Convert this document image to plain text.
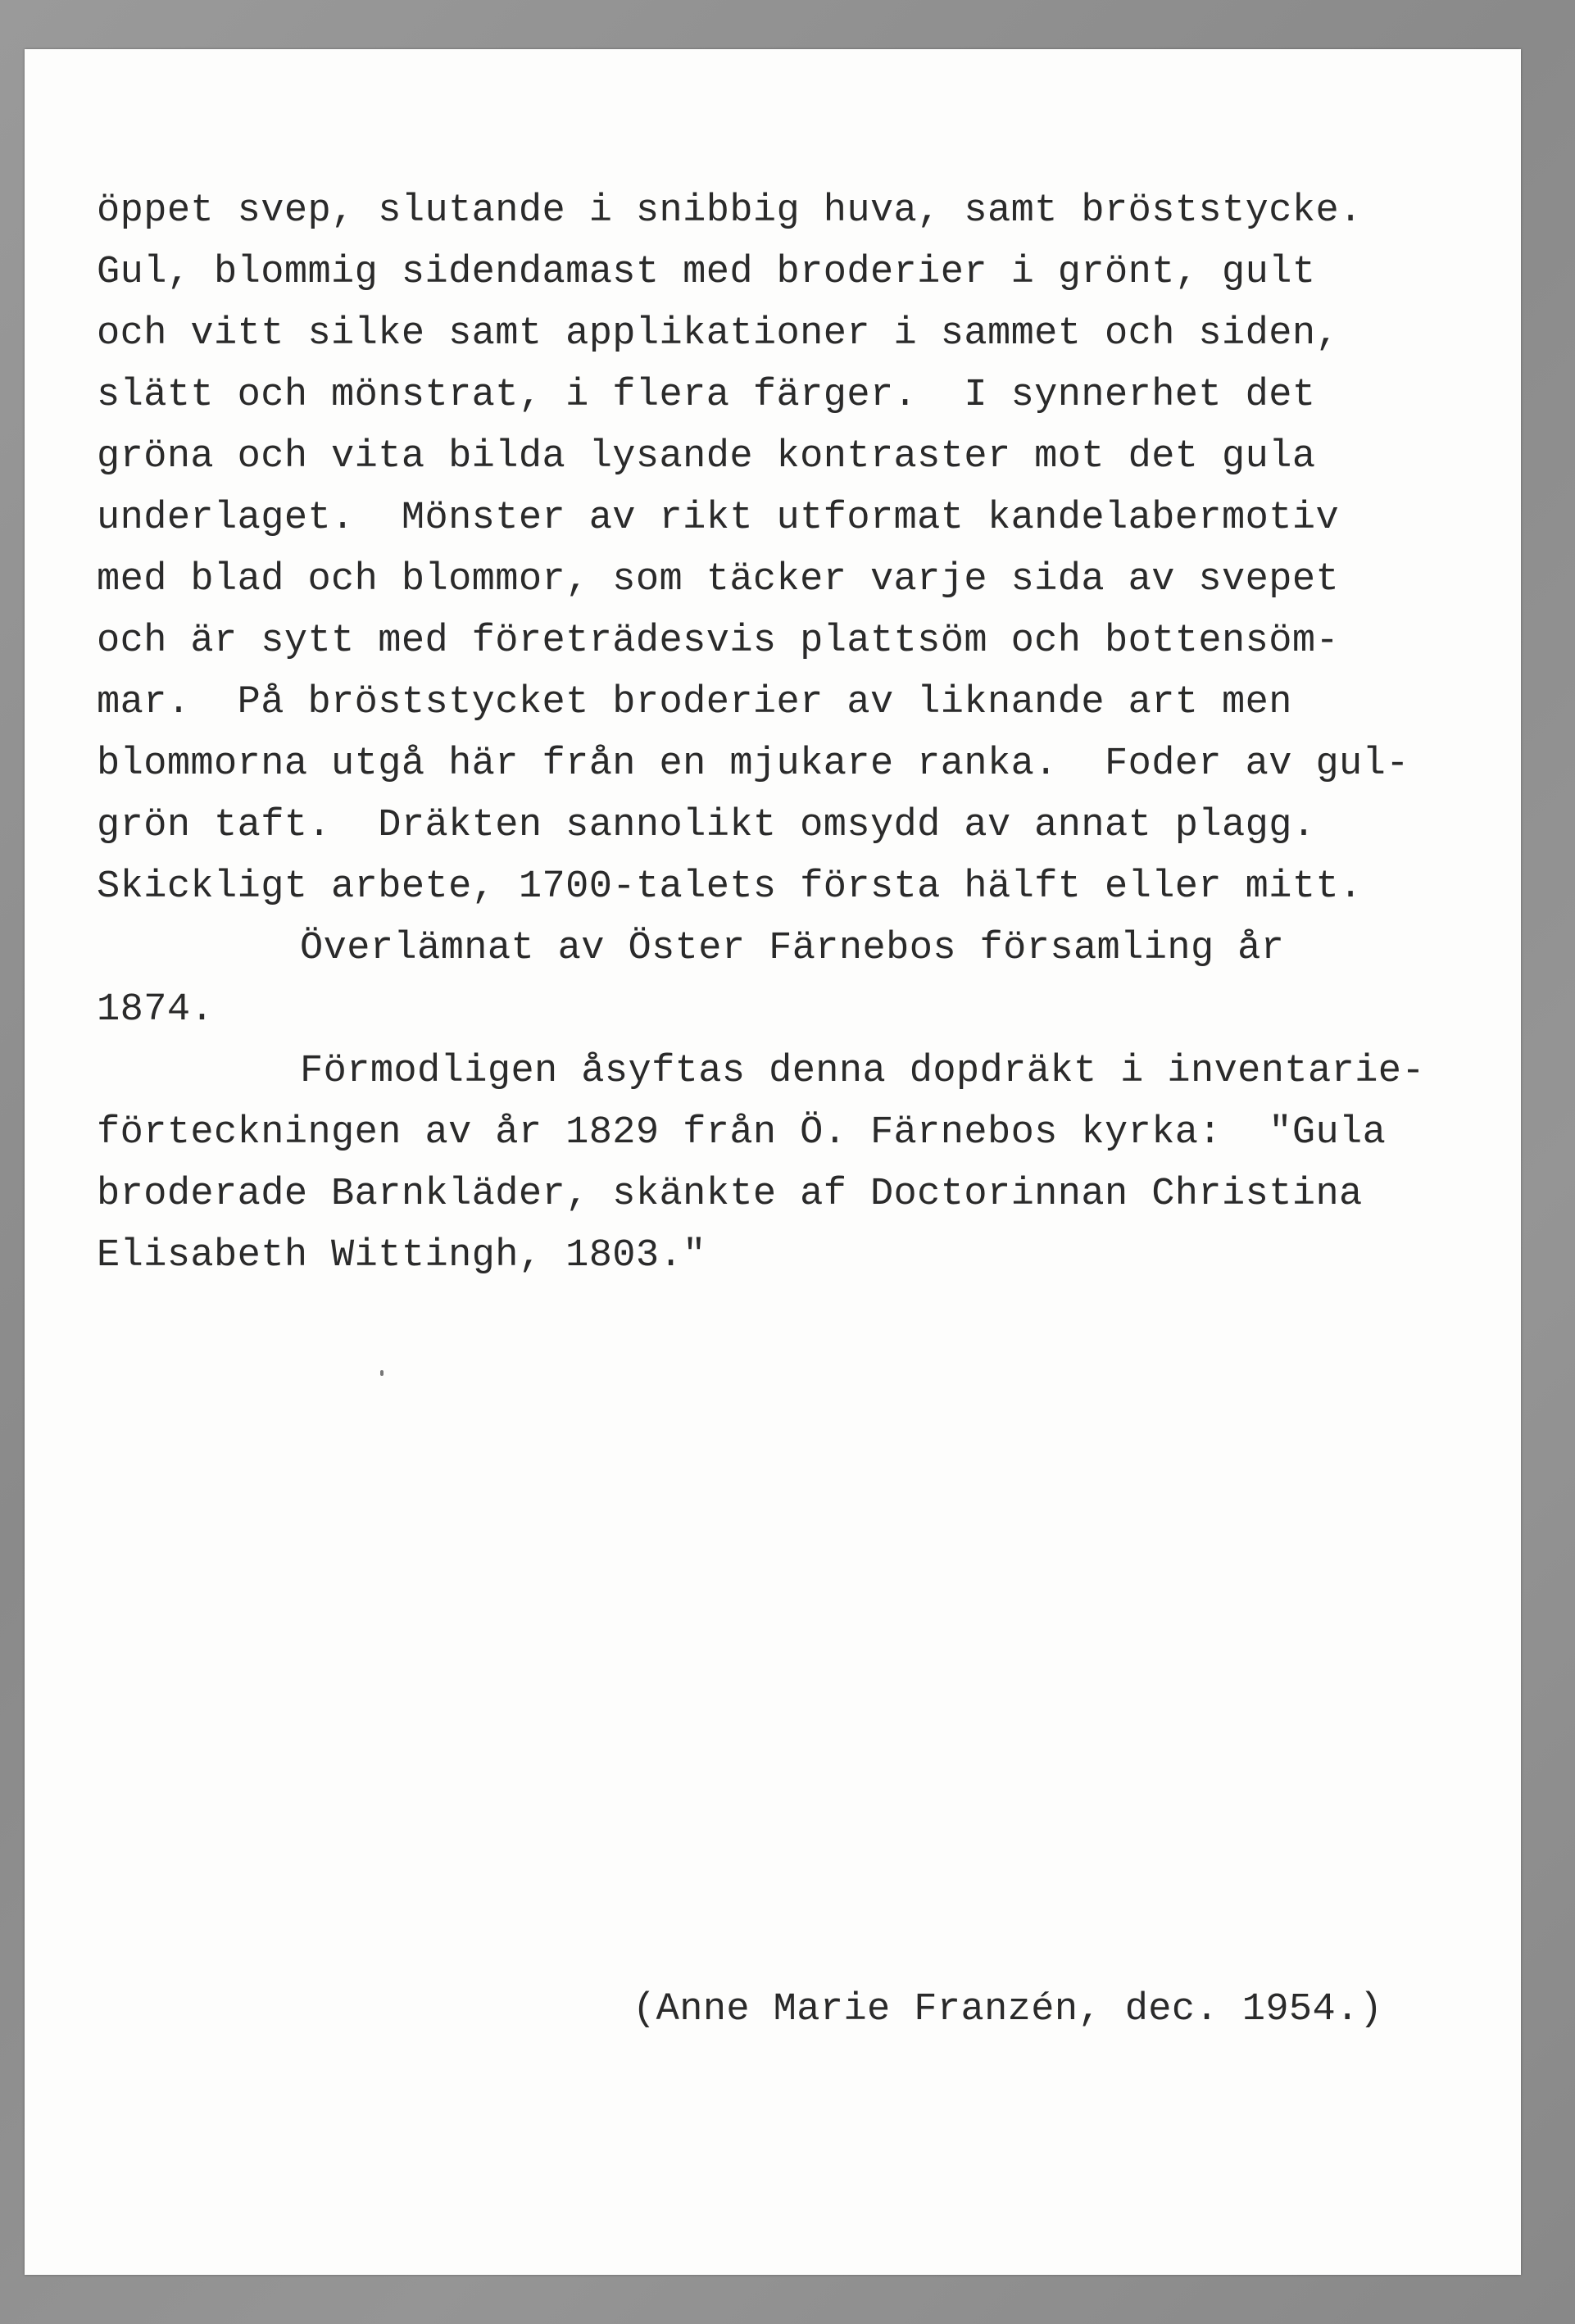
öppet svep, slutande i snibbig huva, samt bröststycke.
Gul, blommig sidendamast med broderier i grönt, gult
och vitt silke samt applikationer i sammet och siden,
slätt och mönstrat, i flera färger.  I synnerhet det
gröna och vita bilda lysande kontraster mot det gula
underlaget.  Mönster av rikt utformat kandelabermotiv
med blad och blommor, som täcker varje sida av svepet
och är sytt med företrädesvis plattsöm och bottensöm-
mar.  På bröststycket broderier av liknande art men
blommorna utgå här från en mjukare ranka.  Foder av gul-
grön taft.  Dräkten sannolikt omsydd av annat plagg.
Skickligt arbete, 1700-talets första hälft eller mitt.
Överlämnat av Öster Färnebos församling år
1874.
Förmodligen åsyftas denna dopdräkt i inventarie-
förteckningen av år 1829 från Ö. Färnebos kyrka:  "Gula
broderade Barnkläder, skänkte af Doctorinnan Christina
Elisabeth Wittingh, 1803."
(Anne Marie Franzén, dec. 1954.)
